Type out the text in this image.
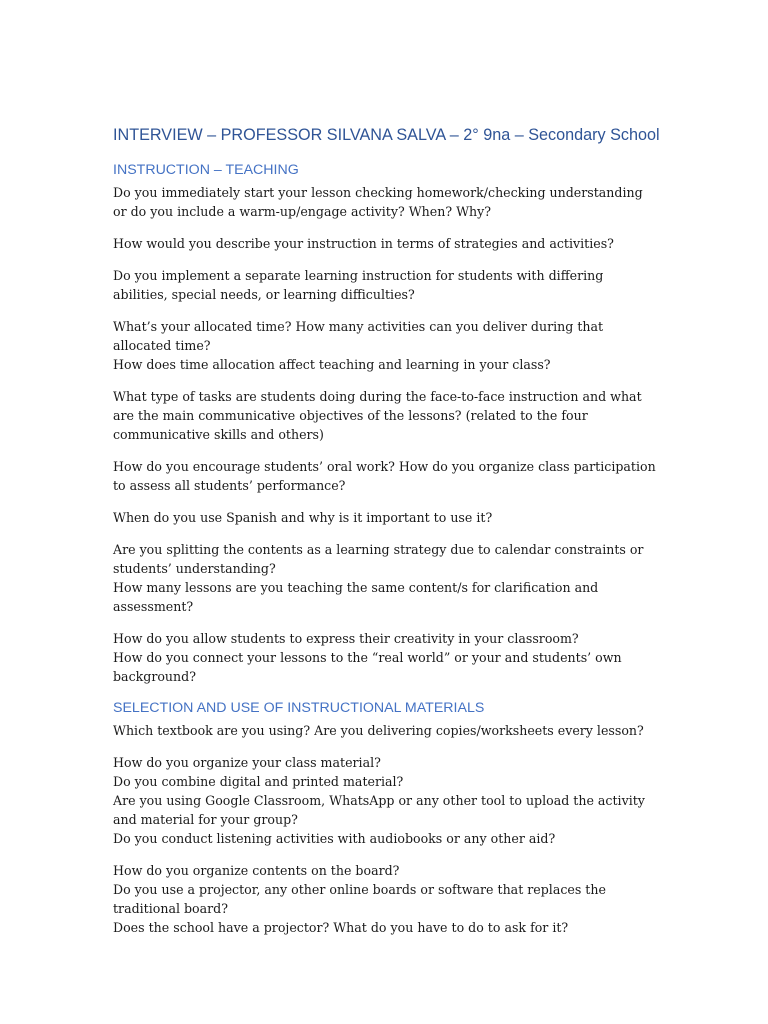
INTERVIEW – PROFESSOR SILVANA SALVA – 2° 9na – Secondary School
INSTRUCTION – TEACHING
Do you immediately start your lesson checking homework/checking understanding or do you include a warm-up/engage activity? When? Why?
How would you describe your instruction in terms of strategies and activities?
Do you implement a separate learning instruction for students with differing abilities, special needs, or learning difficulties?
What’s your allocated time? How many activities can you deliver during that allocated time?
How does time allocation affect teaching and learning in your class?
What type of tasks are students doing during the face-to-face instruction and what are the main communicative objectives of the lessons? (related to the four communicative skills and others)
How do you encourage students’ oral work? How do you organize class participation to assess all students’ performance?
When do you use Spanish and why is it important to use it?
Are you splitting the contents as a learning strategy due to calendar constraints or students’ understanding?
How many lessons are you teaching the same content/s for clarification and assessment?
How do you allow students to express their creativity in your classroom?
How do you connect your lessons to the “real world” or your and students’ own background?
SELECTION AND USE OF INSTRUCTIONAL MATERIALS
Which textbook are you using? Are you delivering copies/worksheets every lesson?
How do you organize your class material?
Do you combine digital and printed material?
Are you using Google Classroom, WhatsApp or any other tool to upload the activity and material for your group?
Do you conduct listening activities with audiobooks or any other aid?
How do you organize contents on the board?
Do you use a projector, any other online boards or software that replaces the traditional board?
Does the school have a projector? What do you have to do to ask for it?
